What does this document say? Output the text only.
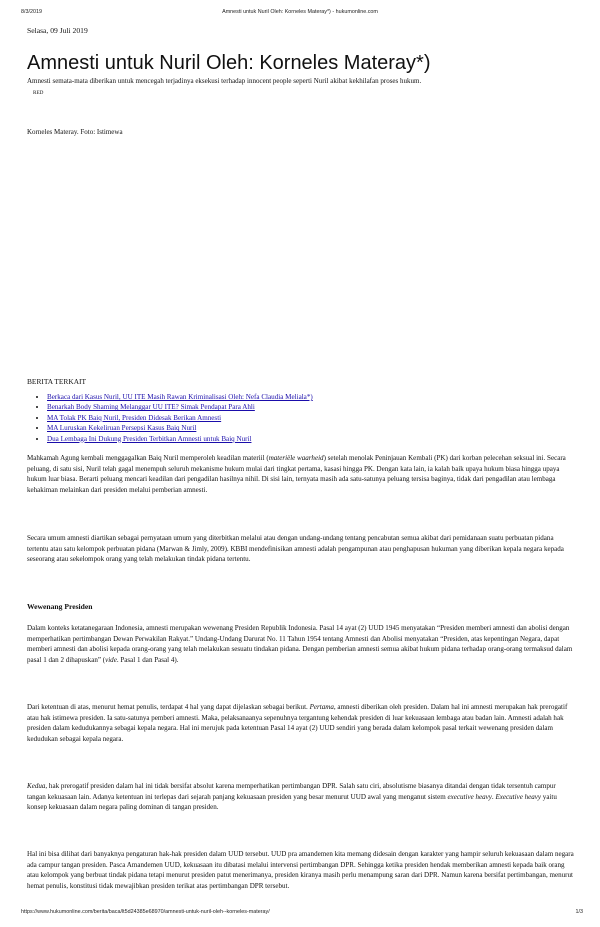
8/3/2019	Amnesti untuk Nuril Oleh: Korneles Materay*) - hukumonline.com
Selasa, 09 Juli 2019
Amnesti untuk Nuril Oleh: Korneles Materay*)
Amnesti semata-mata diberikan untuk mencegah terjadinya eksekusi terhadap innocent people seperti Nuril akibat kekhilafan proses hukum.
RED
Korneles Materay. Foto: Istimewa
BERITA TERKAIT
• Berkaca dari Kasus Nuril, UU ITE Masih Rawan Kriminalisasi Oleh: Nefa Claudia Meliala*)
• Benarkah Body Shaming Melanggar UU ITE? Simak Pendapat Para Ahli
• MA Tolak PK Baiq Nuril, Presiden Didesak Berikan Amnesti
• MA Luruskan Kekeliruan Persepsi Kasus Baiq Nuril
• Dua Lembaga Ini Dukung Presiden Terbitkan Amnesti untuk Baiq Nuril

Mahkamah Agung kembali menggagalkan Baiq Nuril memperoleh keadilan materiil (materiële waarheid) setelah menolak Peninjauan Kembali (PK) dari korban pelecehan seksual ini. Secara peluang, di satu sisi, Nuril telah gagal menempuh seluruh mekanisme hukum mulai dari tingkat pertama, kasasi hingga PK. Dengan kata lain, ia kalah baik upaya hukum biasa hingga upaya hukum luar biasa. Berarti peluang mencari keadilan dari pengadilan hasilnya nihil. Di sisi lain, ternyata masih ada satu-satunya peluang tersisa baginya, tidak dari pengadilan atau lembaga kehakiman melainkan dari presiden melalui pemberian amnesti.

Secara umum amnesti diartikan sebagai pernyataan umum yang diterbitkan melalui atau dengan undang-undang tentang pencabutan semua akibat dari pemidanaan suatu perbuatan pidana tertentu atau satu kelompok perbuatan pidana (Marwan & Jimly, 2009). KBBI mendefinisikan amnesti adalah pengampunan atau penghapusan hukuman yang diberikan kepala negara kepada seseorang atau sekelompok orang yang telah melakukan tindak pidana tertentu.

Wewenang Presiden

Dalam konteks ketatanegaraan Indonesia, amnesti merupakan wewenang Presiden Republik Indonesia. Pasal 14 ayat (2) UUD 1945 menyatakan “Presiden memberi amnesti dan abolisi dengan memperhatikan pertimbangan Dewan Perwakilan Rakyat.” Undang-Undang Darurat No. 11 Tahun 1954 tentang Amnesti dan Abolisi menyatakan “Presiden, atas kepentingan Negara, dapat memberi amnesti dan abolisi kepada orang-orang yang telah melakukan sesuatu tindakan pidana. Dengan pemberian amnesti semua akibat hukum pidana terhadap orang-orang termaksud dalam pasal 1 dan 2 dihapuskan” (vide. Pasal 1 dan Pasal 4).

Dari ketentuan di atas, menurut hemat penulis, terdapat 4 hal yang dapat dijelaskan sebagai berikut. Pertama, amnesti diberikan oleh presiden. Dalam hal ini amnesti merupakan hak prerogatif atau hak istimewa presiden. Ia satu-satunya pemberi amnesti. Maka, pelaksanaanya sepenuhnya tergantung kehendak presiden di luar kekuasaan lembaga atau badan lain. Amnesti adalah hak presiden dalam kedudukannya sebagai kepala negara. Hal ini merujuk pada ketentuan Pasal 14 ayat (2) UUD sendiri yang berada dalam kelompok pasal terkait wewenang presiden dalam kedudukan sebagai kepala negara.

Kedua, hak prerogatif presiden dalam hal ini tidak bersifat absolut karena memperhatikan pertimbangan DPR. Salah satu ciri, absolutisme biasanya ditandai dengan tidak tersentuh campur tangan kekuasaan lain. Adanya ketentuan ini terlepas dari sejarah panjang kekuasaan presiden yang besar menurut UUD awal yang menganut sistem executive heavy. Executive heavy yaitu konsep kekuasaan dalam negara paling dominan di tangan presiden.

Hal ini bisa dilihat dari banyaknya pengaturan hak-hak presiden dalam UUD tersebut. UUD pra amandemen kita memang didesain dengan karakter yang hampir seluruh kekuasaan dalam negara ada campur tangan presiden. Pasca Amandemen UUD, kekuasaan itu dibatasi melalui intervensi pertimbangan DPR. Sehingga ketika presiden hendak memberikan amnesti kepada baik orang atau kelompok yang berbuat tindak pidana tetapi menurut presiden patut menerimanya, presiden kiranya masih perlu menampung saran dari DPR. Namun karena bersifat pertimbangan, menurut hemat penulis, konstitusi tidak mewajibkan presiden terikat atas pertimbangan DPR tersebut.

https://www.hukumonline.com/berita/baca/lt5d24385e68970/amnesti-untuk-nuril-oleh--korneles-materay/	1/3
